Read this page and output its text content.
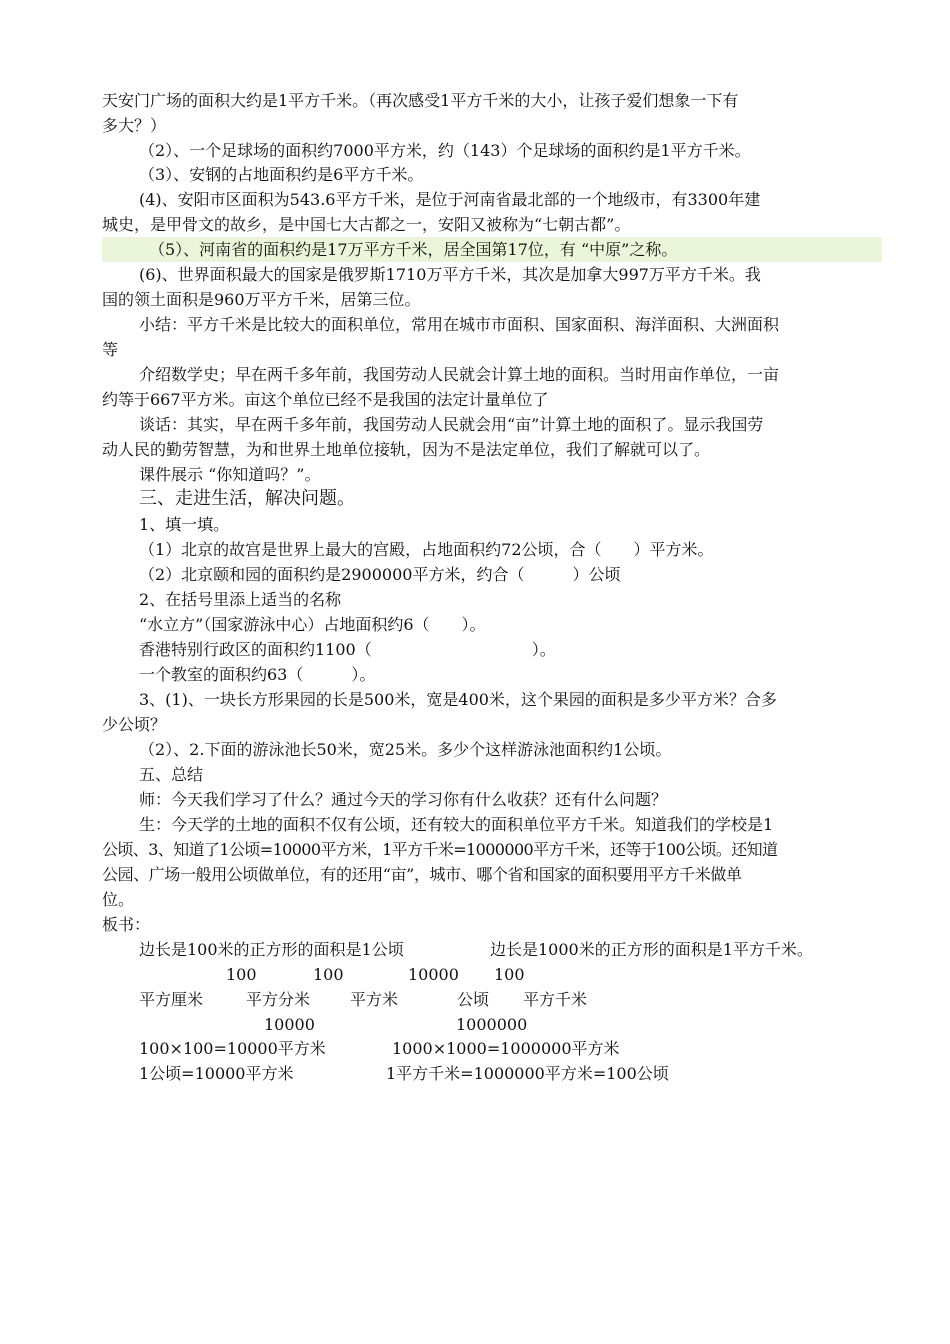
天安门广场的面积大约是1平方千米。（再次感受1平方千米的大小，让孩子爱们想象一下有
多大？）
（2）、一个足球场的面积约7000平方米，约（143）个足球场的面积约是1平方千米。
（3）、安钢的占地面积约是6平方千米。
(4)、安阳市区面积为543.6平方千米，是位于河南省最北部的一个地级市，有3300年建
城史，是甲骨文的故乡，是中国七大古都之一，安阳又被称为“七朝古都”。
（5）、河南省的面积约是17万平方千米，居全国第17位，有 “中原”之称。
(6)、世界面积最大的国家是俄罗斯1710万平方千米，其次是加拿大997万平方千米。我
国的领土面积是960万平方千米，居第三位。
小结：平方千米是比较大的面积单位，常用在城市市面积、国家面积、海洋面积、大洲面积
等
介绍数学史；早在两千多年前，我国劳动人民就会计算土地的面积。当时用亩作单位，一亩
约等于667平方米。亩这个单位已经不是我国的法定计量单位了
谈话：其实，早在两千多年前，我国劳动人民就会用“亩”计算土地的面积了。显示我国劳
动人民的勤劳智慧，为和世界土地单位接轨，因为不是法定单位，我们了解就可以了。
课件展示 “你知道吗？”。
三、走进生活，解决问题。
1、填一填。
（1）北京的故宫是世界上最大的宫殿，占地面积约72公顷，合（　　）平方米。
（2）北京颐和园的面积约是2900000平方米，约合（　　　）公顷
2、在括号里添上适当的名称
“水立方”（国家游泳中心）占地面积约6（　　）。
香港特别行政区的面积约1100（　　　　　　　　　　）。
一个教室的面积约63（　　　）。
3、(1)、一块长方形果园的长是500米，宽是400米，这个果园的面积是多少平方米？合多
少公顷？
（2）、2.下面的游泳池长50米，宽25米。多少个这样游泳池面积约1公顷。
五、总结
师：今天我们学习了什么？通过今天的学习你有什么收获？还有什么问题？
生：今天学的土地的面积不仅有公顷，还有较大的面积单位平方千米。知道我们的学校是1
公顷、3、知道了1公顷=10000平方米，1平方千米=1000000平方千米，还等于100公顷。还知道
公园、广场一般用公顷做单位，有的还用“亩”，城市、哪个省和国家的面积要用平方千米做单
位。
板书：
边长是100米的正方形的面积是1公顷	边长是1000米的正方形的面积是1平方千米。
100	100	10000 100
平方厘米	平方分米 平方米	公顷 平方千米
10000	1000000
100×100=10000平方米	1000×1000=1000000平方米
1公顷=10000平方米	1平方千米=1000000平方米=100公顷
